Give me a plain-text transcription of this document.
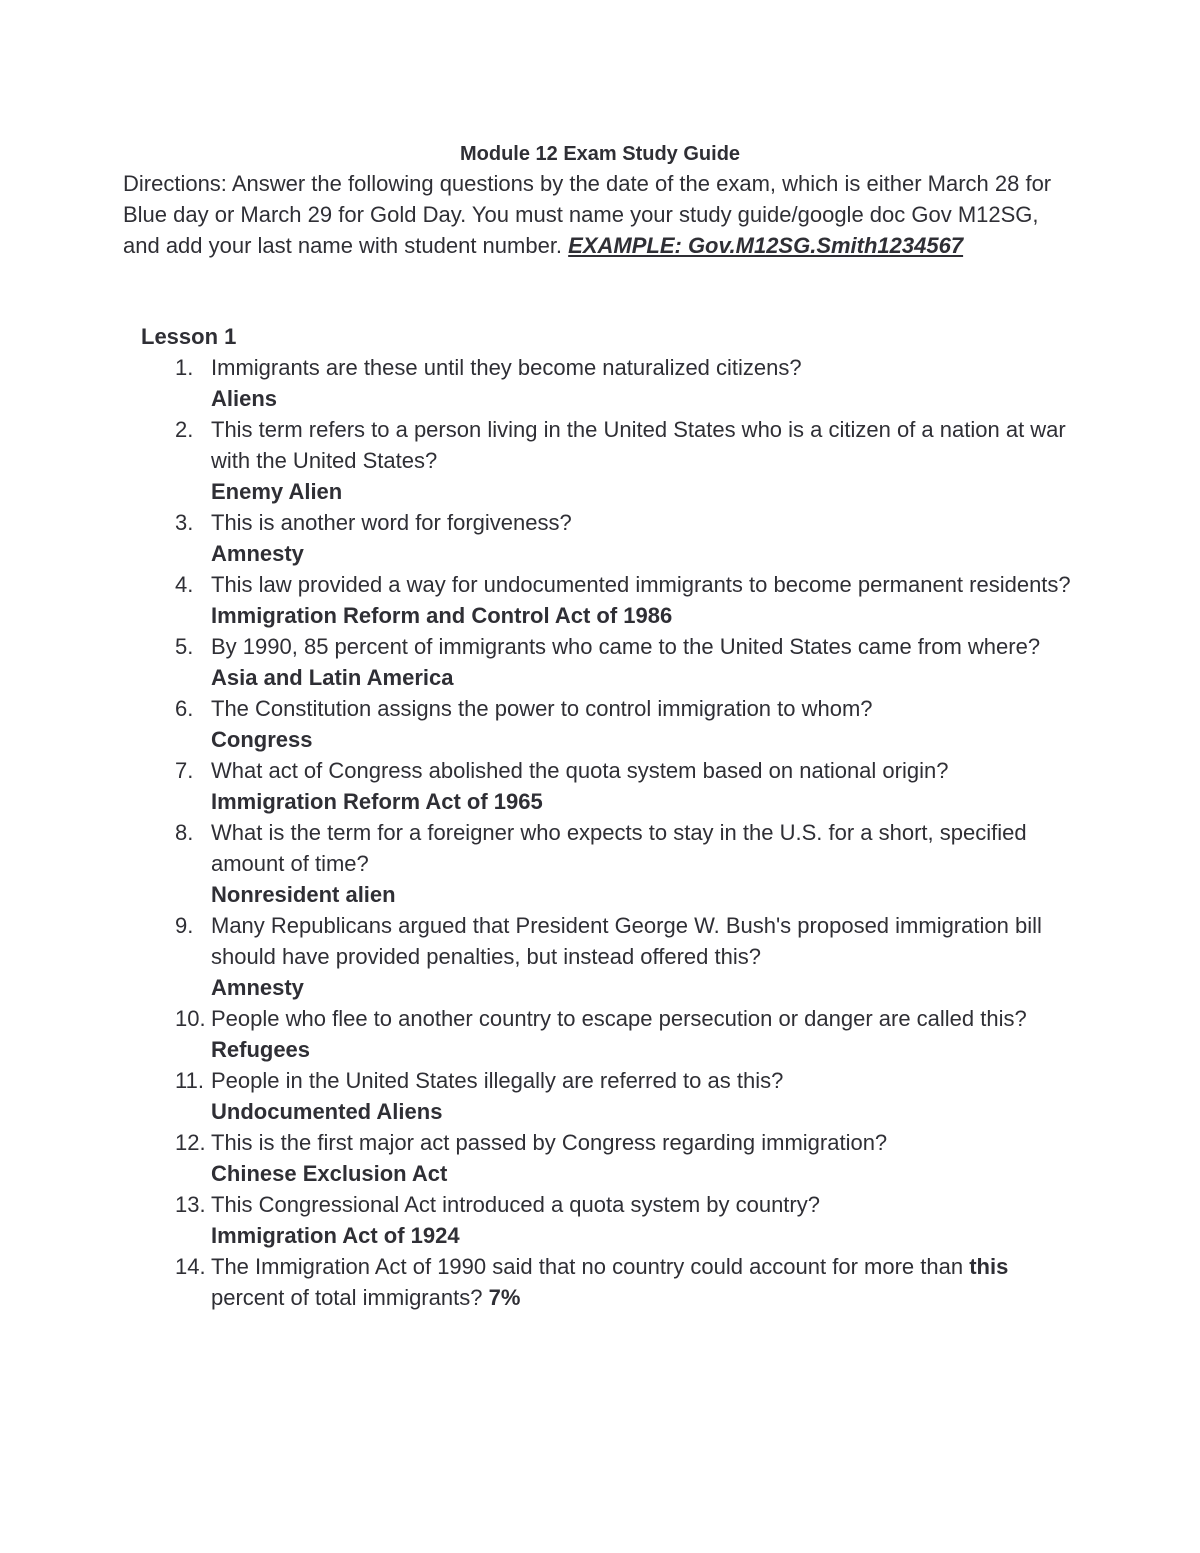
Module 12 Exam Study Guide
Directions: Answer the following questions by the date of the exam, which is either March 28 for Blue day or March 29 for Gold Day. You must name your study guide/google doc Gov M12SG, and add your last name with student number. EXAMPLE: Gov.M12SG.Smith1234567
Lesson 1
1. Immigrants are these until they become naturalized citizens?
Aliens
2. This term refers to a person living in the United States who is a citizen of a nation at war with the United States?
Enemy Alien
3. This is another word for forgiveness?
Amnesty
4. This law provided a way for undocumented immigrants to become permanent residents?
Immigration Reform and Control Act of 1986
5. By 1990, 85 percent of immigrants who came to the United States came from where?
Asia and Latin America
6. The Constitution assigns the power to control immigration to whom?
Congress
7. What act of Congress abolished the quota system based on national origin?
Immigration Reform Act of 1965
8. What is the term for a foreigner who expects to stay in the U.S. for a short, specified amount of time?
Nonresident alien
9. Many Republicans argued that President George W. Bush's proposed immigration bill should have provided penalties, but instead offered this?
Amnesty
10. People who flee to another country to escape persecution or danger are called this?
Refugees
11. People in the United States illegally are referred to as this?
Undocumented Aliens
12. This is the first major act passed by Congress regarding immigration?
Chinese Exclusion Act
13. This Congressional Act introduced a quota system by country?
Immigration Act of 1924
14. The Immigration Act of 1990 said that no country could account for more than this percent of total immigrants? 7%
